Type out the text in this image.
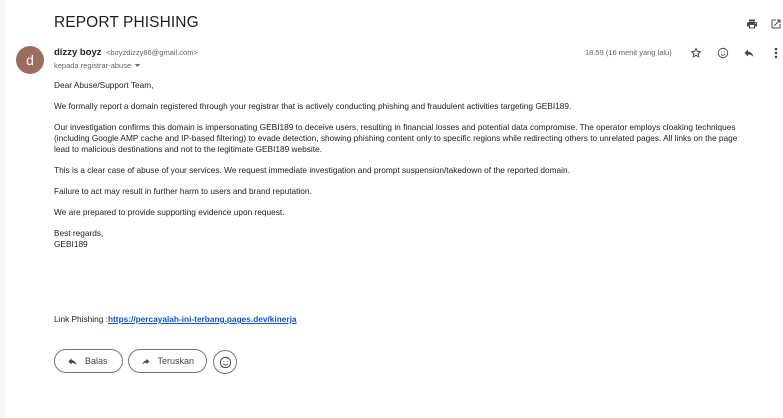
REPORT PHISHING
d	dizzy boyz <boyzdizzy86@gmail.com>
kepada registrar-abuse
18.59 (16 menit yang lalu)

Dear Abuse/Support Team,

We formally report a domain registered through your registrar that is actively conducting phishing and fraudulent activities targeting GEBI189.

Our investigation confirms this domain is impersonating GEBI189 to deceive users, resulting in financial losses and potential data compromise. The operator employs cloaking techniques

(including Google AMP cache and IP-based filtering) to evade detection, showing phishing content only to specific regions while redirecting others to unrelated pages. All links on the page

lead to malicious destinations and not to the legitimate GEBI189 website.

This is a clear case of abuse of your services. We request immediate investigation and prompt suspension/takedown of the reported domain.

Failure to act may result in further harm to users and brand reputation.

We are prepared to provide supporting evidence upon request.

Best regards,

GEBI189

Link Phishing :https://percayalah-ini-terbang.pages.dev/kinerja
Balas	Teruskan
